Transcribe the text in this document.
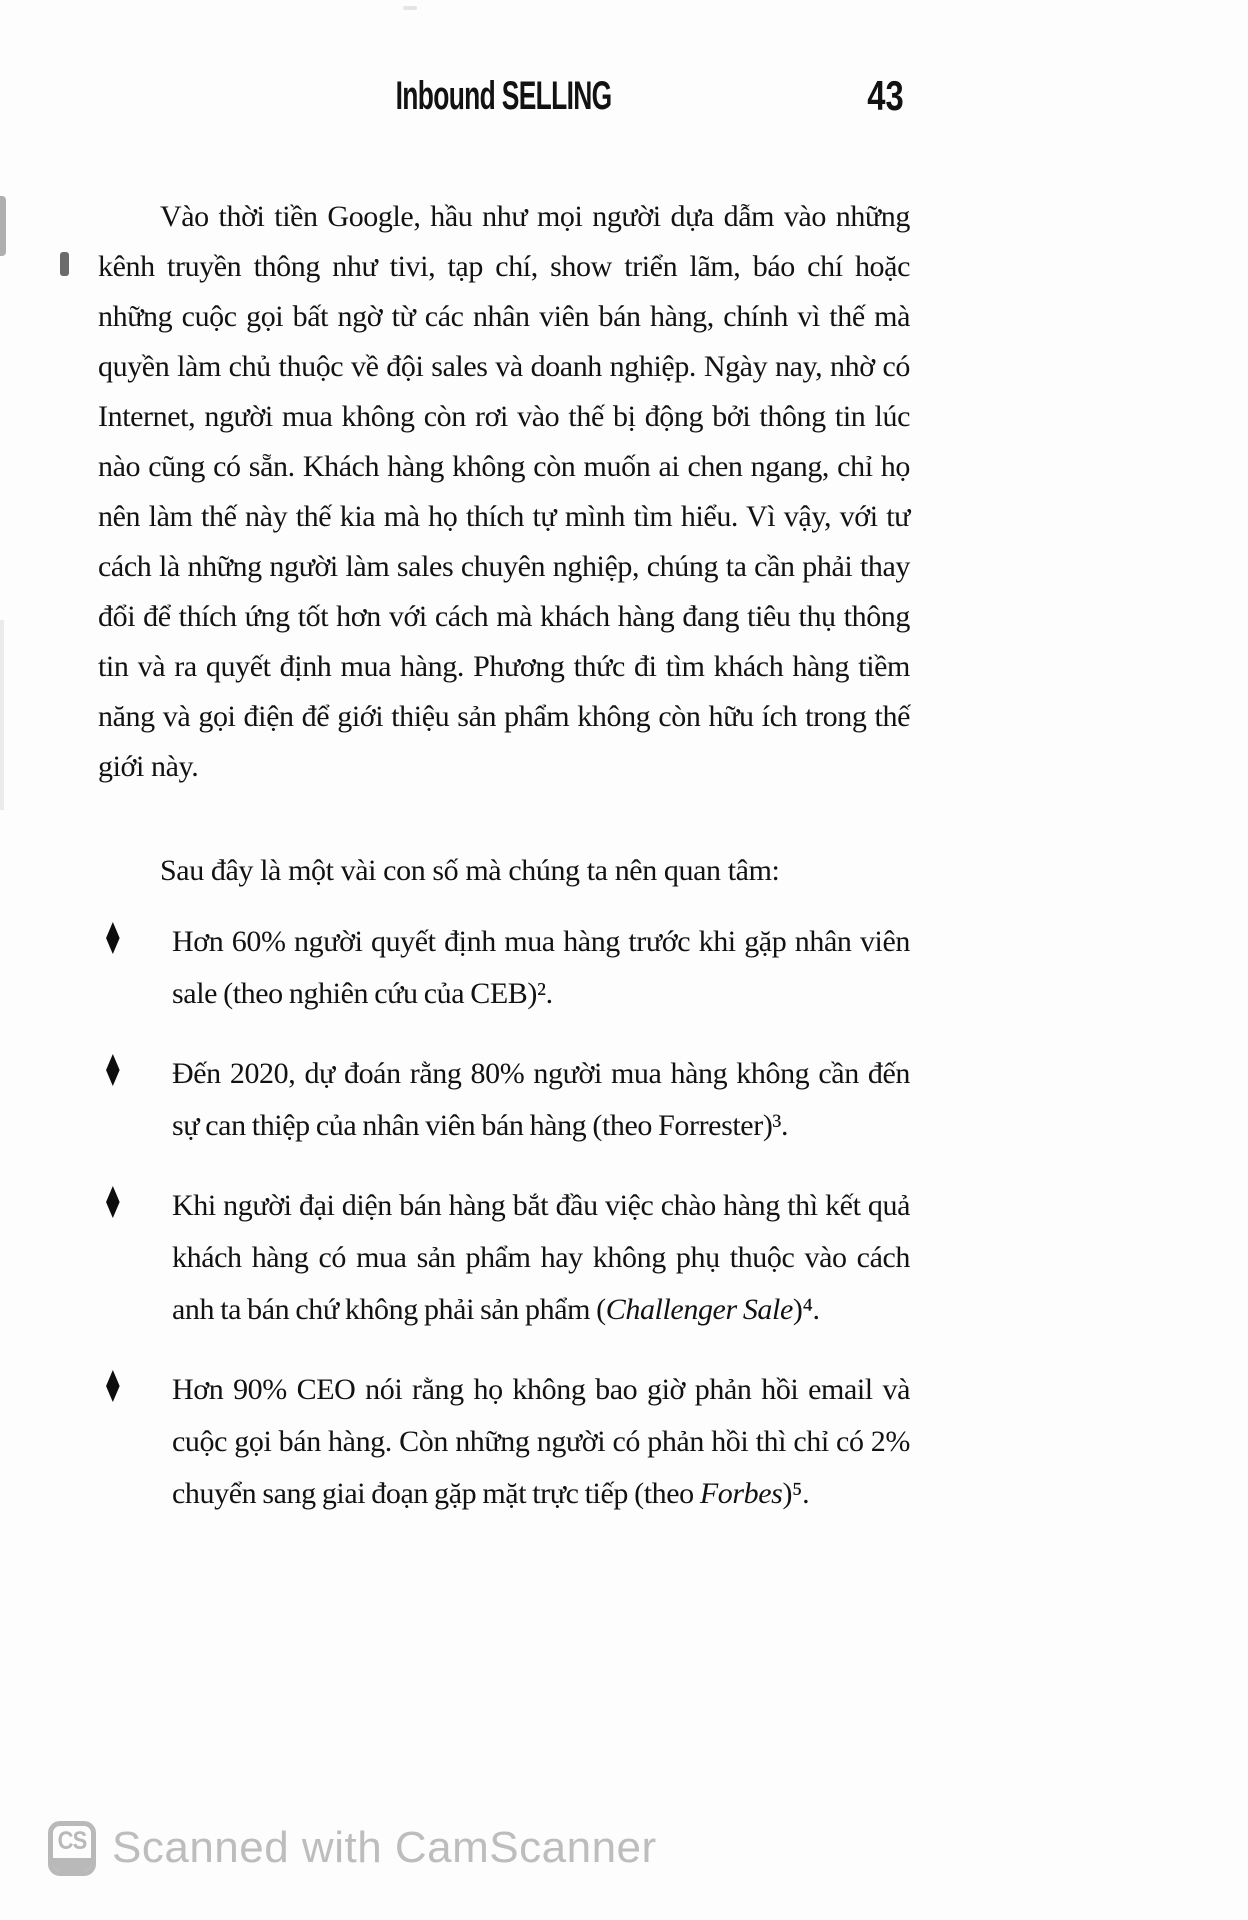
Inbound SELLING	43

Vào thời tiền Google, hầu như mọi người dựa dẫm vào những kênh truyền thông như tivi, tạp chí, show triển lãm, báo chí hoặc những cuộc gọi bất ngờ từ các nhân viên bán hàng, chính vì thế mà quyền làm chủ thuộc về đội sales và doanh nghiệp. Ngày nay, nhờ có Internet, người mua không còn rơi vào thế bị động bởi thông tin lúc nào cũng có sẵn. Khách hàng không còn muốn ai chen ngang, chỉ họ nên làm thế này thế kia mà họ thích tự mình tìm hiểu. Vì vậy, với tư cách là những người làm sales chuyên nghiệp, chúng ta cần phải thay đổi để thích ứng tốt hơn với cách mà khách hàng đang tiêu thụ thông tin và ra quyết định mua hàng. Phương thức đi tìm khách hàng tiềm năng và gọi điện để giới thiệu sản phẩm không còn hữu ích trong thế giới này.

Sau đây là một vài con số mà chúng ta nên quan tâm:

♦ Hơn 60% người quyết định mua hàng trước khi gặp nhân viên sale (theo nghiên cứu của CEB)².
♦ Đến 2020, dự đoán rằng 80% người mua hàng không cần đến sự can thiệp của nhân viên bán hàng (theo Forrester)³.
♦ Khi người đại diện bán hàng bắt đầu việc chào hàng thì kết quả khách hàng có mua sản phẩm hay không phụ thuộc vào cách anh ta bán chứ không phải sản phẩm (Challenger Sale)⁴.
♦ Hơn 90% CEO nói rằng họ không bao giờ phản hồi email và cuộc gọi bán hàng. Còn những người có phản hồi thì chỉ có 2% chuyển sang giai đoạn gặp mặt trực tiếp (theo Forbes)⁵.
CS Scanned with CamScanner
